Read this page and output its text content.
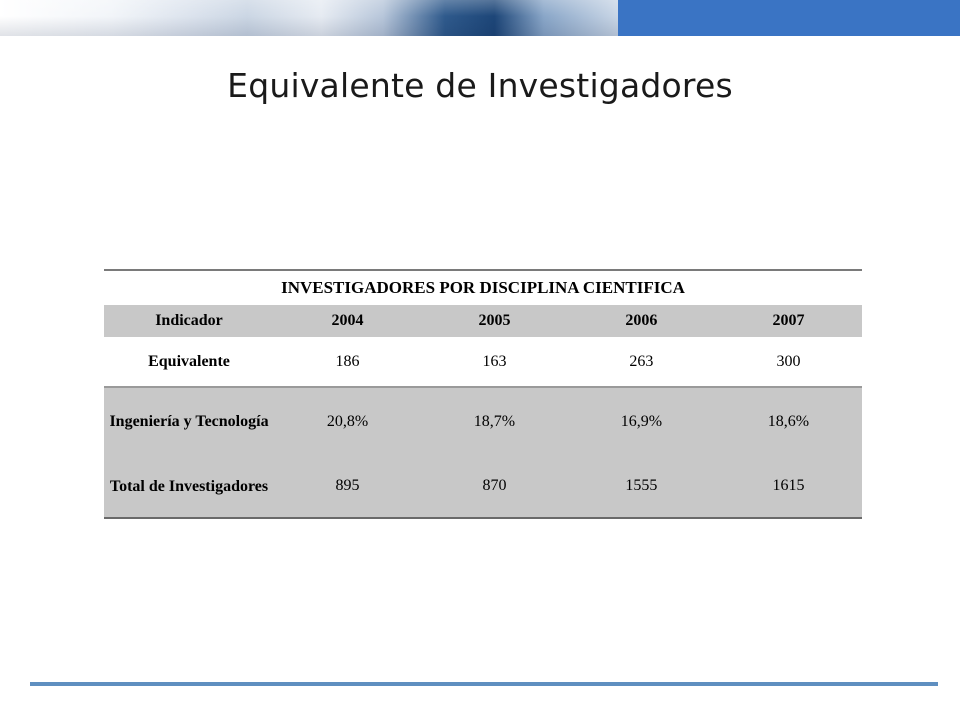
Equivalente de Investigadores
INVESTIGADORES POR DISCIPLINA CIENTIFICA				
Indicador	2004	2005	2006	2007
Equivalente	186	163	263	300
Ingeniería y Tecnología	20,8%	18,7%	16,9%	18,6%
Total de Investigadores	895	870	1555	1615
